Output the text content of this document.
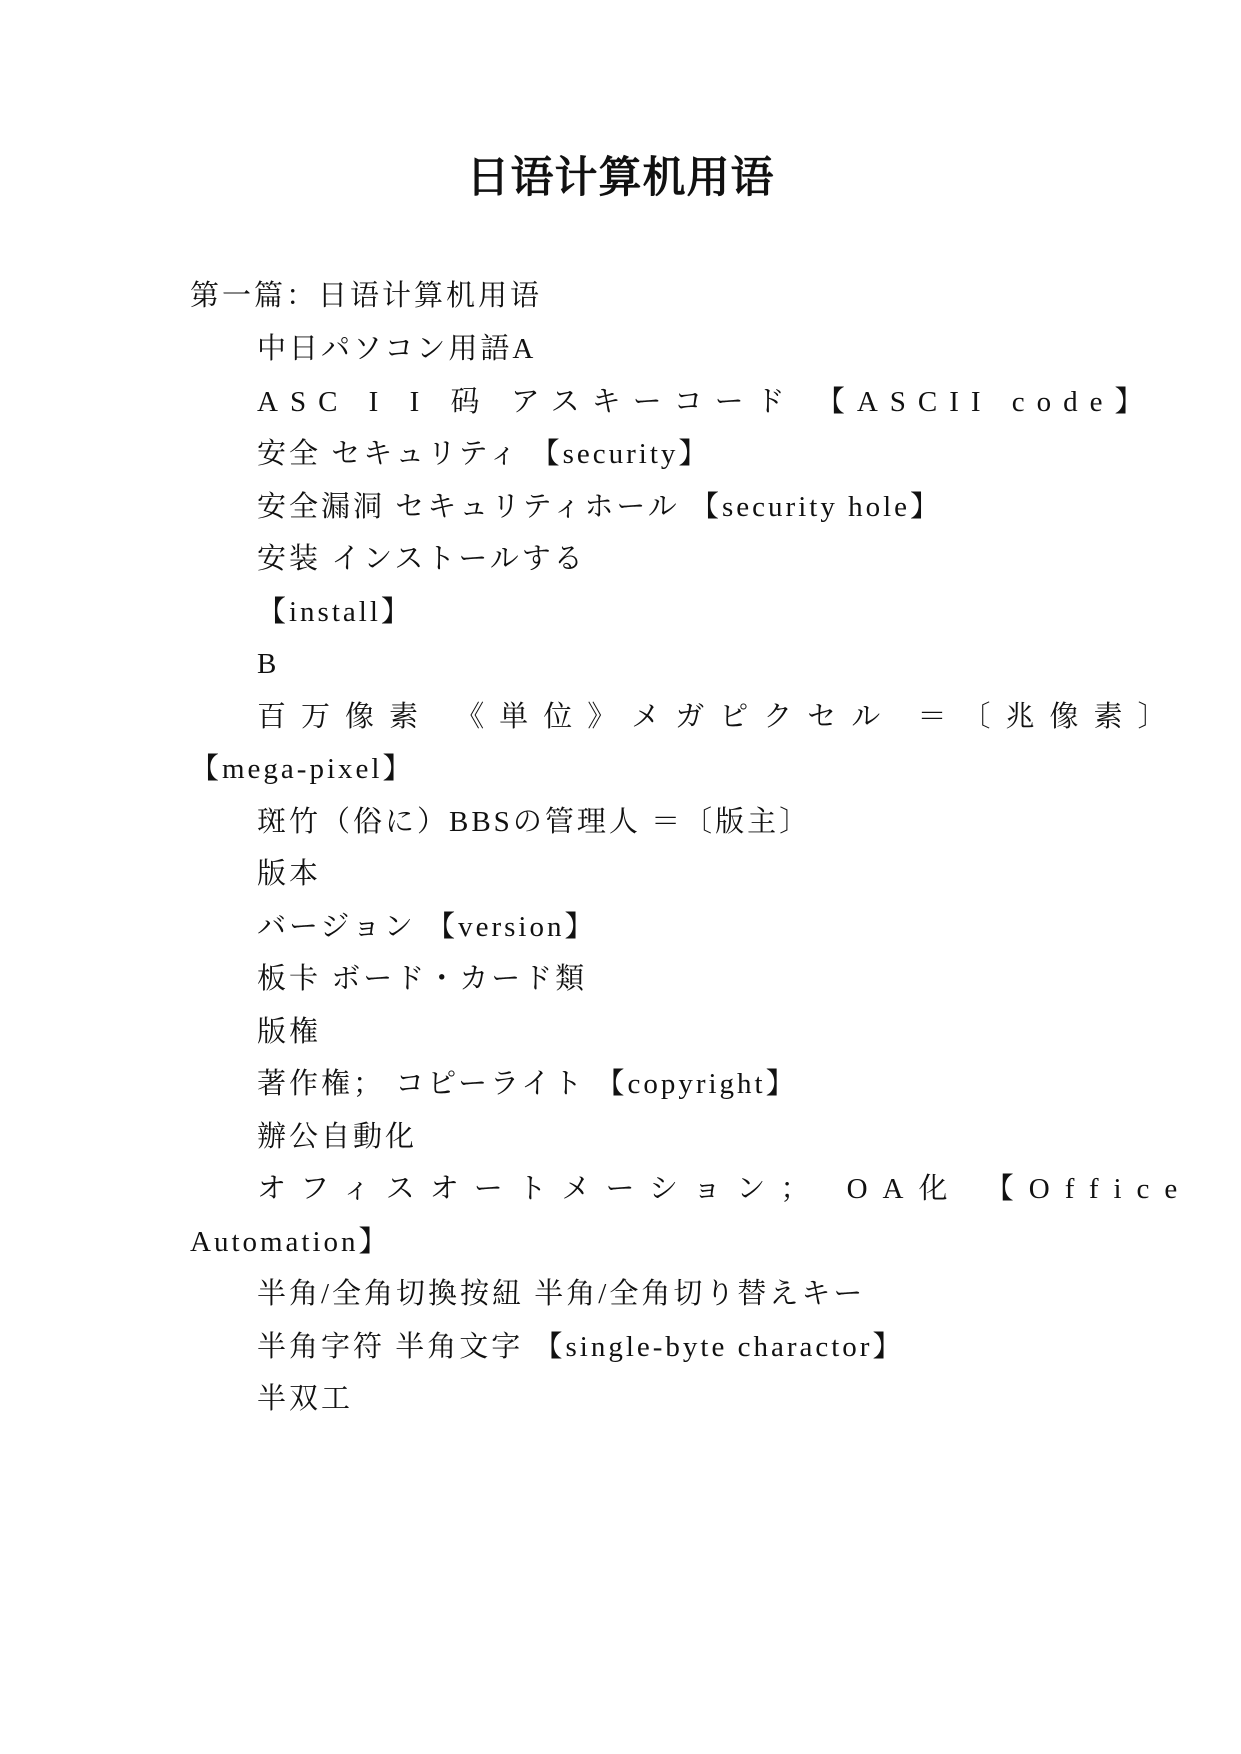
日语计算机用语
第一篇：日语计算机用语
中日パソコン用語A
ASC I I 码 アスキーコード 【ASCII code】
安全 セキュリティ 【security】
安全漏洞 セキュリティホール 【security hole】
安装 インストールする
【install】
B
百万像素 《単位》メガピクセル ＝〔兆像素〕
【mega-pixel】
斑竹（俗に）BBSの管理人 ＝〔版主〕
版本
バージョン 【version】
板卡 ボード・カード類
版権
著作権； コピーライト 【copyright】
辦公自動化
オフィスオートメーション； OA化 【Office
Automation】
半角/全角切換按紐 半角/全角切り替えキー
半角字符 半角文字 【single-byte charactor】
半双工
